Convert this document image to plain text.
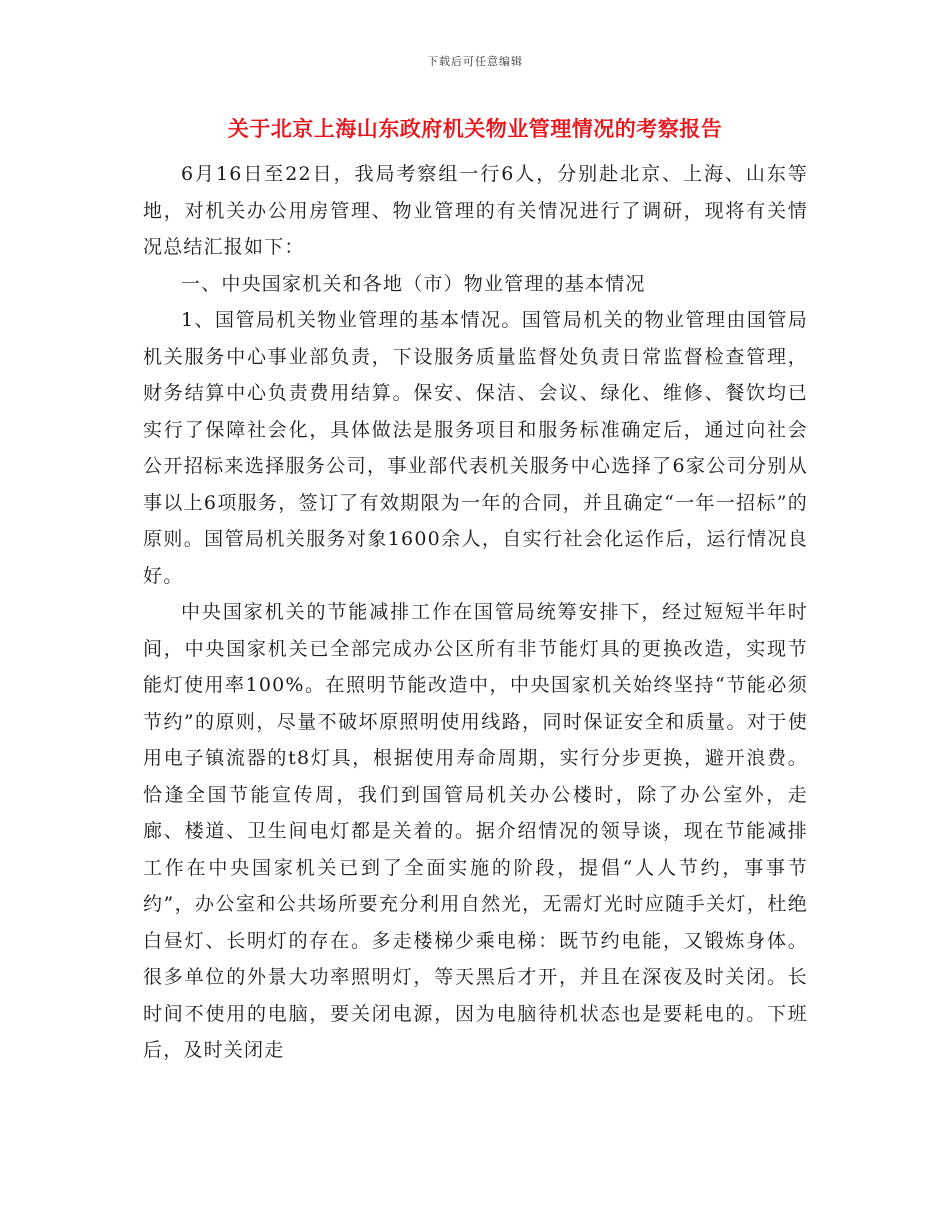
下载后可任意编辑
关于北京上海山东政府机关物业管理情况的考察报告

6月16日至22日，我局考察组一行6人，分别赴北京、上海、山东等地，对机关办公用房管理、物业管理的有关情况进行了调研，现将有关情况总结汇报如下：

一、中央国家机关和各地（市）物业管理的基本情况

1、国管局机关物业管理的基本情况。国管局机关的物业管理由国管局机关服务中心事业部负责，下设服务质量监督处负责日常监督检查管理，财务结算中心负责费用结算。保安、保洁、会议、绿化、维修、餐饮均已实行了保障社会化，具体做法是服务项目和服务标准确定后，通过向社会公开招标来选择服务公司，事业部代表机关服务中心选择了6家公司分别从事以上6项服务，签订了有效期限为一年的合同，并且确定“一年一招标”的原则。国管局机关服务对象1600余人，自实行社会化运作后，运行情况良好。

中央国家机关的节能减排工作在国管局统筹安排下，经过短短半年时间，中央国家机关已全部完成办公区所有非节能灯具的更换改造，实现节能灯使用率100%。在照明节能改造中，中央国家机关始终坚持“节能必须节约”的原则，尽量不破坏原照明使用线路，同时保证安全和质量。对于使用电子镇流器的t8灯具，根据使用寿命周期，实行分步更换，避开浪费。恰逢全国节能宣传周，我们到国管局机关办公楼时，除了办公室外，走廊、楼道、卫生间电灯都是关着的。据介绍情况的领导谈，现在节能减排工作在中央国家机关已到了全面实施的阶段，提倡“人人节约，事事节约”，办公室和公共场所要充分利用自然光，无需灯光时应随手关灯，杜绝白昼灯、长明灯的存在。多走楼梯少乘电梯：既节约电能，又锻炼身体。很多单位的外景大功率照明灯，等天黑后才开，并且在深夜及时关闭。长时间不使用的电脑，要关闭电源，因为电脑待机状态也是要耗电的。下班后，及时关闭走
